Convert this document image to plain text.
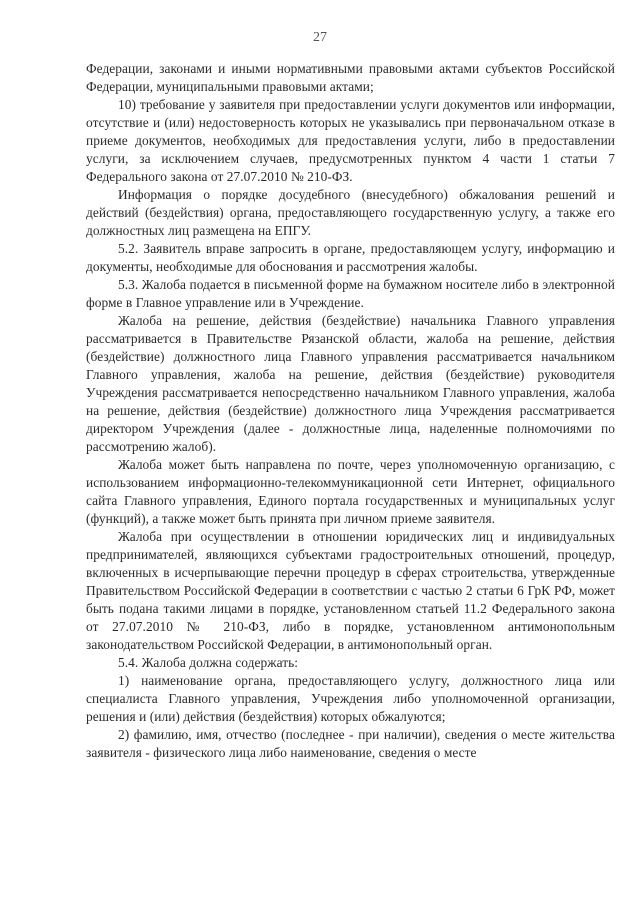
27

Федерации, законами и иными нормативными правовыми актами субъектов Российской Федерации, муниципальными правовыми актами;

10) требование у заявителя при предоставлении услуги документов или информации, отсутствие и (или) недостоверность которых не указывались при первоначальном отказе в приеме документов, необходимых для предоставления услуги, либо в предоставлении услуги, за исключением случаев, предусмотренных пунктом 4 части 1 статьи 7 Федерального закона от 27.07.2010 № 210-ФЗ.

Информация о порядке досудебного (внесудебного) обжалования решений и действий (бездействия) органа, предоставляющего государственную услугу, а также его должностных лиц размещена на ЕПГУ.

5.2. Заявитель вправе запросить в органе, предоставляющем услугу, информацию и документы, необходимые для обоснования и рассмотрения жалобы.

5.3. Жалоба подается в письменной форме на бумажном носителе либо в электронной форме в Главное управление или в Учреждение.

Жалоба на решение, действия (бездействие) начальника Главного управления рассматривается в Правительстве Рязанской области, жалоба на решение, действия (бездействие) должностного лица Главного управления рассматривается начальником Главного управления, жалоба на решение, действия (бездействие) руководителя Учреждения рассматривается непосредственно начальником Главного управления, жалоба на решение, действия (бездействие) должностного лица Учреждения рассматривается директором Учреждения (далее - должностные лица, наделенные полномочиями по рассмотрению жалоб).

Жалоба может быть направлена по почте, через уполномоченную организацию, с использованием информационно-телекоммуникационной сети Интернет, официального сайта Главного управления, Единого портала государственных и муниципальных услуг (функций), а также может быть принята при личном приеме заявителя.

Жалоба при осуществлении в отношении юридических лиц и индивидуальных предпринимателей, являющихся субъектами градостроительных отношений, процедур, включенных в исчерпывающие перечни процедур в сферах строительства, утвержденные Правительством Российской Федерации в соответствии с частью 2 статьи 6 ГрК РФ, может быть подана такими лицами в порядке, установленном статьей 11.2 Федерального закона от 27.07.2010 № 210-ФЗ, либо в порядке, установленном антимонопольным законодательством Российской Федерации, в антимонопольный орган.

5.4. Жалоба должна содержать:

1) наименование органа, предоставляющего услугу, должностного лица или специалиста Главного управления, Учреждения либо уполномоченной организации, решения и (или) действия (бездействия) которых обжалуются;

2) фамилию, имя, отчество (последнее - при наличии), сведения о месте жительства заявителя - физического лица либо наименование, сведения о месте
